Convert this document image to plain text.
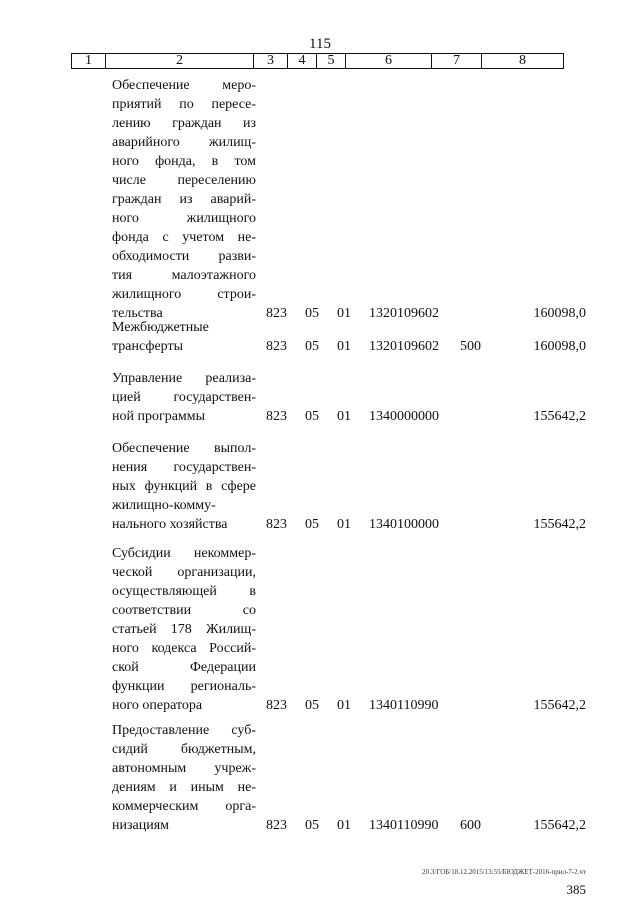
115
1	2	3	4	5	6	7	8
Обеспечение меро-
приятий по пересе-
лению граждан из
аварийного жилищ-
ного фонда, в том
числе переселению
граждан из аварий-
ного жилищного
фонда с учетом не-
обходимости разви-
тия малоэтажного
жилищного строи-
тельства	823 05 01 1320109602	160098,0
Межбюджетные
трансферты	823 05 01 1320109602 500	160098,0
Управление реализа-
цией государствен-
ной программы	823 05 01 1340000000	155642,2
Обеспечение выпол-
нения государствен-
ных функций в сфере
жилищно-комму-
нального хозяйства	823 05 01 1340100000	155642,2
Субсидии некоммер-
ческой организации,
осуществляющей в
соответствии со
статьей 178 Жилищ-
ного кодекса Россий-
ской Федерации
функции региональ-
ного оператора	823 05 01 1340110990	155642,2
Предоставление суб-
сидий бюджетным,
автономным учреж-
дениям и иным не-
коммерческим орга-
низациям	823 05 01 1340110990 600	155642,2
20.3/ГОБ/18.12.2015/13:55/БЮДЖЕТ-2016-прил-7-2.чт
385
